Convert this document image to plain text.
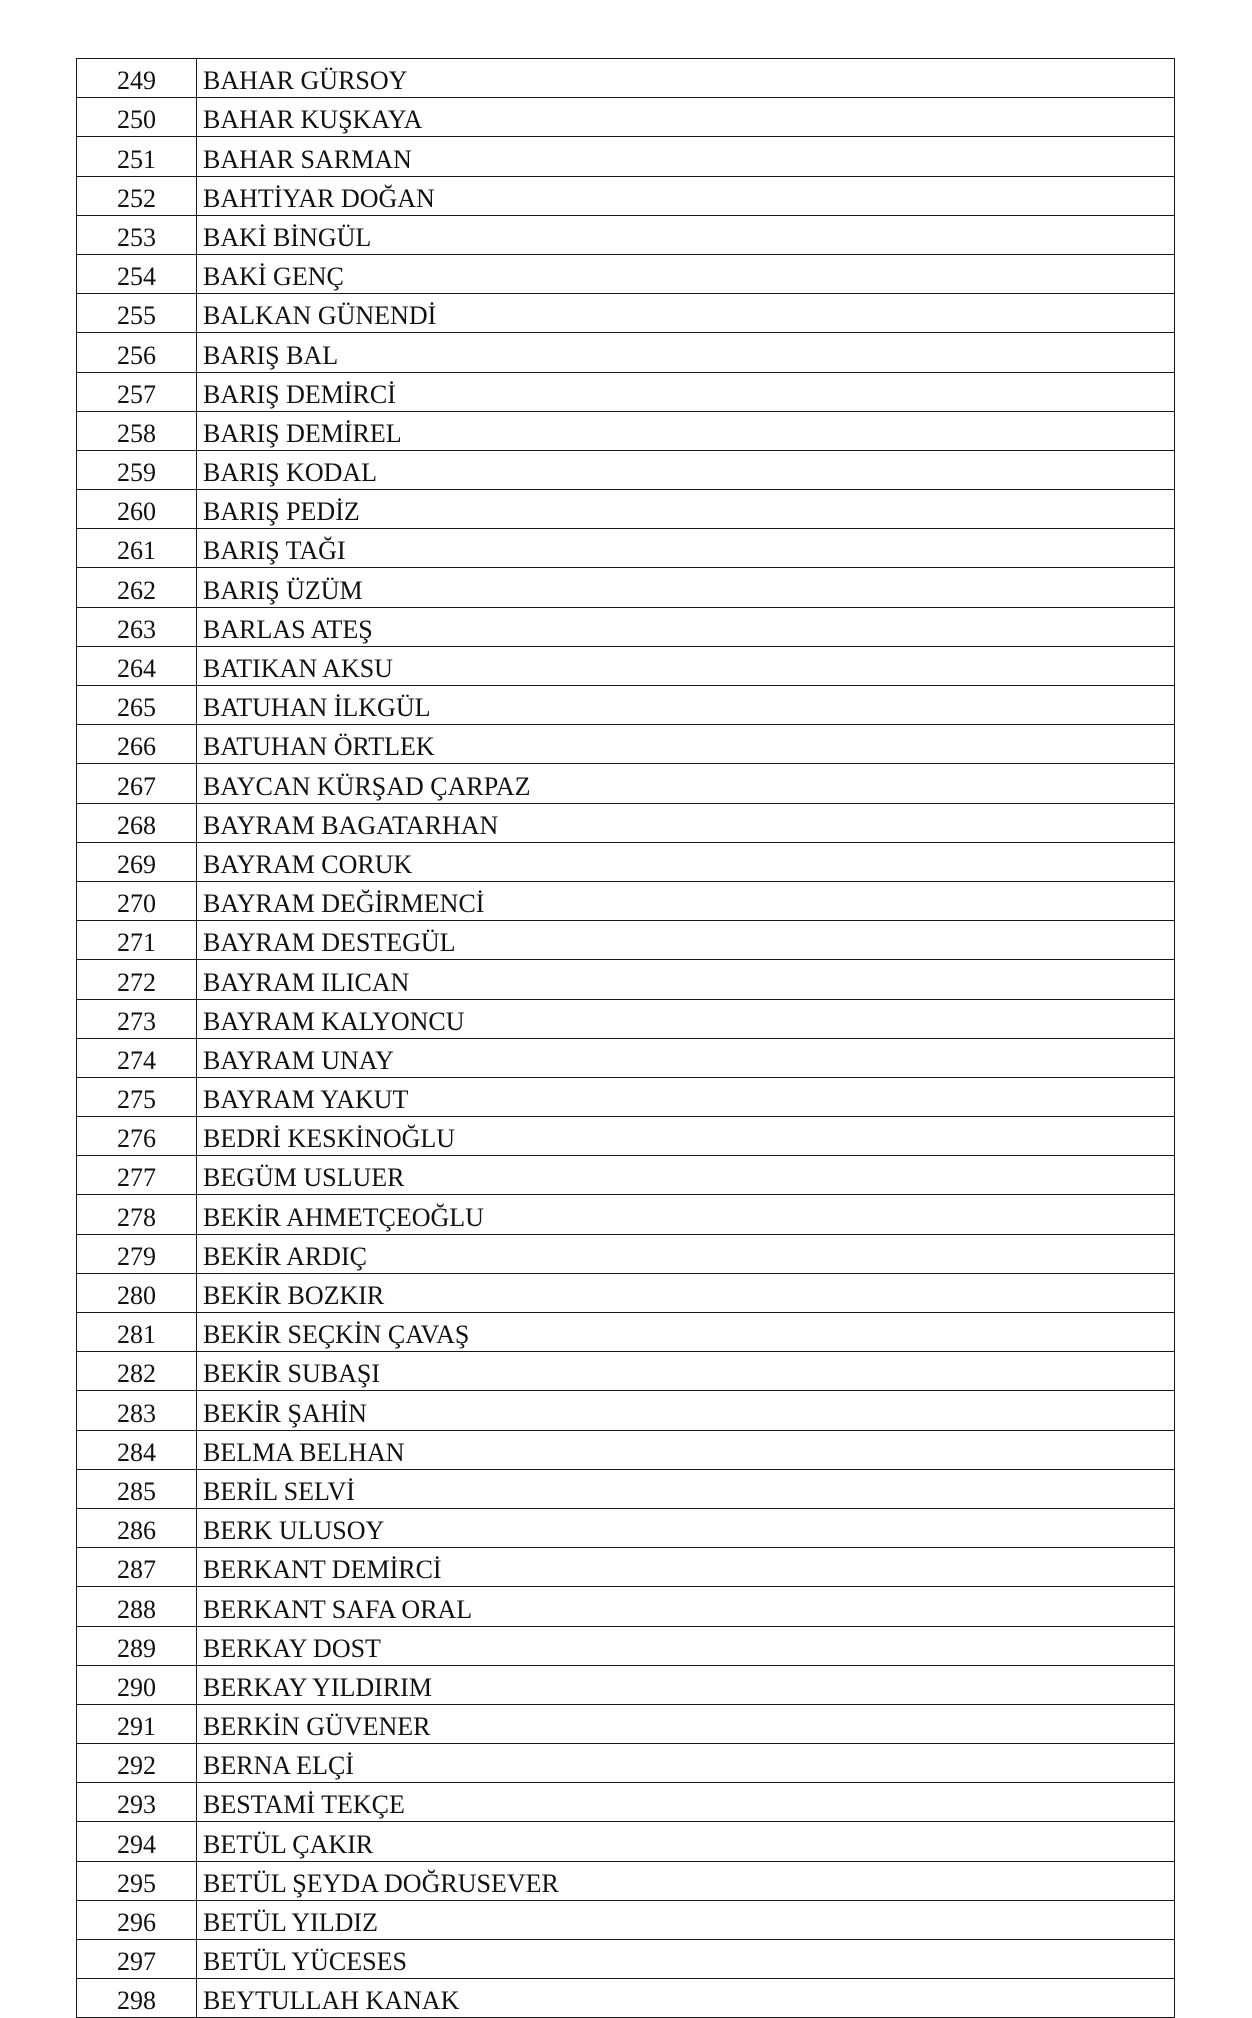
249	BAHAR GÜRSOY
250	BAHAR KUŞKAYA
251	BAHAR SARMAN
252	BAHTİYAR DOĞAN
253	BAKİ BİNGÜL
254	BAKİ GENÇ
255	BALKAN GÜNENDİ
256	BARIŞ BAL
257	BARIŞ DEMİRCİ
258	BARIŞ DEMİREL
259	BARIŞ KODAL
260	BARIŞ PEDİZ
261	BARIŞ TAĞI
262	BARIŞ ÜZÜM
263	BARLAS ATEŞ
264	BATIKAN AKSU
265	BATUHAN İLKGÜL
266	BATUHAN ÖRTLEK
267	BAYCAN KÜRŞAD ÇARPAZ
268	BAYRAM BAGATARHAN
269	BAYRAM CORUK
270	BAYRAM DEĞİRMENCİ
271	BAYRAM DESTEGÜL
272	BAYRAM ILICAN
273	BAYRAM KALYONCU
274	BAYRAM UNAY
275	BAYRAM YAKUT
276	BEDRİ KESKİNOĞLU
277	BEGÜM USLUER
278	BEKİR AHMETÇEOĞLU
279	BEKİR ARDIÇ
280	BEKİR BOZKIR
281	BEKİR SEÇKİN ÇAVAŞ
282	BEKİR SUBAŞI
283	BEKİR ŞAHİN
284	BELMA BELHAN
285	BERİL SELVİ
286	BERK ULUSOY
287	BERKANT DEMİRCİ
288	BERKANT SAFA ORAL
289	BERKAY DOST
290	BERKAY YILDIRIM
291	BERKİN GÜVENER
292	BERNA ELÇİ
293	BESTAMİ TEKÇE
294	BETÜL ÇAKIR
295	BETÜL ŞEYDA DOĞRUSEVER
296	BETÜL YILDIZ
297	BETÜL YÜCESES
298	BEYTULLAH KANAK
